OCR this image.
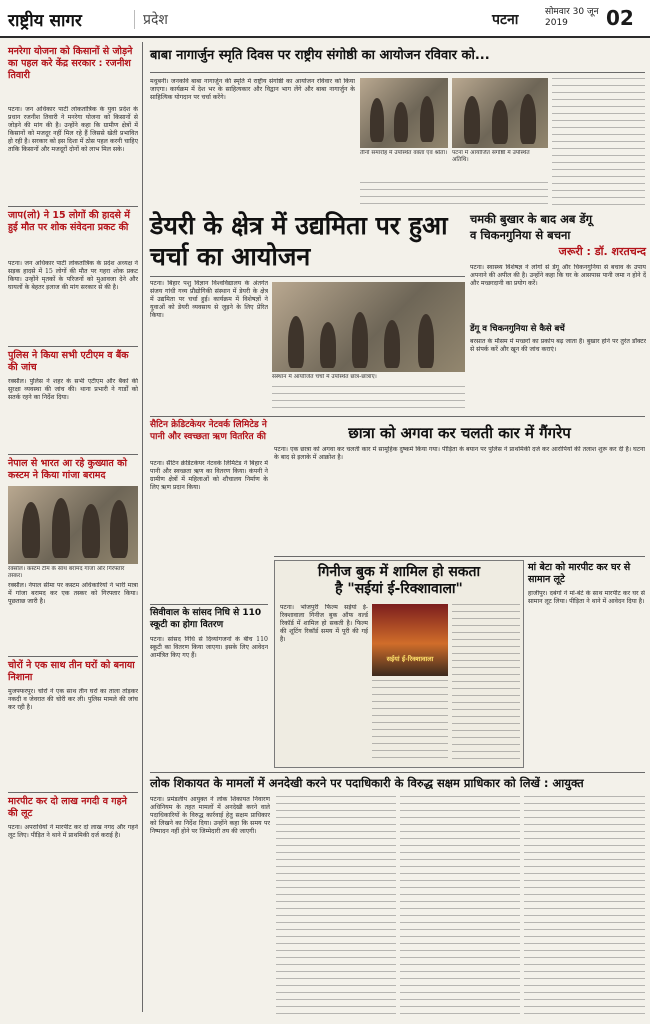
राष्ट्रीय सागर	प्रदेश	पटना	सोमवार 30 जून
2019	02
मनरेगा योजना को किसानों से जोड़ने का पहल करे केंद्र सरकार : रजनीश तिवारी
पटना। जन अधिकार पार्टी लोकतांत्रिक के युवा प्रदेश के प्रधान रजनीश तिवारी ने मनरेगा योजना को किसानों से जोड़ने की मांग की है। उन्होंने कहा कि ग्रामीण क्षेत्रों में किसानों को मजदूर नहीं मिल रहे हैं जिससे खेती प्रभावित हो रही है। सरकार को इस दिशा में ठोस पहल करनी चाहिए ताकि किसानों और मजदूरों दोनों को लाभ मिल सके।
जाप(लो) ने 15 लोगों की हादसे में हुई मौत पर शोक संवेदना प्रकट की
पटना। जन अधिकार पार्टी लोकतांत्रिक के प्रदेश अध्यक्ष ने सड़क हादसे में 15 लोगों की मौत पर गहरा शोक प्रकट किया। उन्होंने मृतकों के परिजनों को मुआवजा देने और घायलों के बेहतर इलाज की मांग सरकार से की है।
पुलिस ने किया सभी एटीएम व बैंक की जांच
रक्सौल। पुलिस ने शहर के सभी एटीएम और बैंकों की सुरक्षा व्यवस्था की जांच की। थाना प्रभारी ने गार्डों को सतर्क रहने का निर्देश दिया।
नेपाल से भारत आ रहे कुख्यात को कस्टम ने किया गांजा बरामद
रक्सौल। कस्टम टीम के साथ बरामद गांजा और गिरफ्तार तस्कर।
रक्सौल। नेपाल सीमा पर कस्टम अधिकारियों ने भारी मात्रा में गांजा बरामद कर एक तस्कर को गिरफ्तार किया। पूछताछ जारी है।
चोरों ने एक साथ तीन घरों को बनाया निशाना
मुजफ्फरपुर। चोरों ने एक साथ तीन घरों का ताला तोड़कर नकदी व जेवरात की चोरी कर ली। पुलिस मामले की जांच कर रही है।
मारपीट कर दो लाख नगदी व गहने की लूट
पटना। अपराधियों ने मारपीट कर दो लाख नगद और गहने लूट लिए। पीड़ित ने थाने में प्राथमिकी दर्ज कराई है।
बाबा नागार्जुन स्मृति दिवस पर राष्ट्रीय संगोष्ठी का आयोजन रविवार को...
मधुबनी। जनकवि बाबा नागार्जुन की स्मृति में राष्ट्रीय संगोष्ठी का आयोजन रविवार को किया जाएगा। कार्यक्रम में देश भर के साहित्यकार और विद्वान भाग लेंगे और बाबा नागार्जुन के साहित्यिक योगदान पर चर्चा करेंगे।
तीनों समारोह में उपस्थित वक्ता एवं श्रोता। पटना में आयोजित संगोष्ठी में उपस्थित अतिथि।
डेयरी के क्षेत्र में उद्यमिता पर हुआ चर्चा का आयोजन
पटना। बिहार पशु विज्ञान विश्वविद्यालय के अंतर्गत संजय गांधी गव्य प्रौद्योगिकी संस्थान में डेयरी के क्षेत्र में उद्यमिता पर चर्चा हुई। कार्यक्रम में विशेषज्ञों ने युवाओं को डेयरी व्यवसाय से जुड़ने के लिए प्रेरित किया।
संस्थान में आयोजित चर्चा में उपस्थित छात्र-छात्राएं।
चमकी बुखार के बाद अब डेंगू
व चिकनगुनिया से बचना
जरूरी : डॉ. शरतचन्द
पटना। स्वास्थ्य विशेषज्ञ ने लोगों से डेंगू और चिकनगुनिया से बचाव के उपाय अपनाने की अपील की है। उन्होंने कहा कि घर के आसपास पानी जमा न होने दें और मच्छरदानी का प्रयोग करें।
डेंगू व चिकनगुनिया से कैसे बचें
बरसात के मौसम में मच्छरों का प्रकोप बढ़ जाता है। बुखार होने पर तुरंत डॉक्टर से संपर्क करें और खून की जांच कराएं।
सैटिन क्रेडिटकेयर नेटवर्क लिमिटेड ने पानी और स्वच्छता ऋण वितरित की
पटना। सैटिन क्रेडिटकेयर नेटवर्क लिमिटेड ने बिहार में पानी और स्वच्छता ऋण का वितरण किया। कंपनी ने ग्रामीण क्षेत्रों में महिलाओं को शौचालय निर्माण के लिए ऋण प्रदान किया।
सिवीवाल के सांसद निधि से 110 स्कूटी का होगा वितरण
पटना। सांसद निधि से दिव्यांगजनों के बीच 110 स्कूटी का वितरण किया जाएगा। इसके लिए आवेदन आमंत्रित किए गए हैं।
छात्रा को अगवा कर चलती कार में गैंगरेप
पटना। एक छात्रा को अगवा कर चलती कार में सामूहिक दुष्कर्म किया गया। पीड़िता के बयान पर पुलिस ने प्राथमिकी दर्ज कर आरोपियों की तलाश शुरू कर दी है। घटना के बाद से इलाके में आक्रोश है।
गिनीज बुक में शामिल हो सकता
है "सईयां ई-रिक्शावाला"
पटना। भोजपुरी फिल्म सईयां ई-रिक्शावाला गिनीज बुक ऑफ वर्ल्ड रिकॉर्ड में शामिल हो सकती है। फिल्म की शूटिंग रिकॉर्ड समय में पूरी की गई है।
सईयां ई-रिक्शावाला
मां बेटा को मारपीट कर घर से सामान लूटे
हाजीपुर। दबंगों ने मां-बेटे के साथ मारपीट कर घर से सामान लूट लिया। पीड़िता ने थाने में आवेदन दिया है।
लोक शिकायत के मामलों में अनदेखी करने पर पदाधिकारी के विरुद्ध सक्षम प्राधिकार को लिखें : आयुक्त
पटना। प्रमंडलीय आयुक्त ने लोक शिकायत निवारण अधिनियम के तहत मामलों में अनदेखी करने वाले पदाधिकारियों के विरुद्ध कार्रवाई हेतु सक्षम प्राधिकार को लिखने का निर्देश दिया। उन्होंने कहा कि समय पर निष्पादन नहीं होने पर जिम्मेदारी तय की जाएगी।
